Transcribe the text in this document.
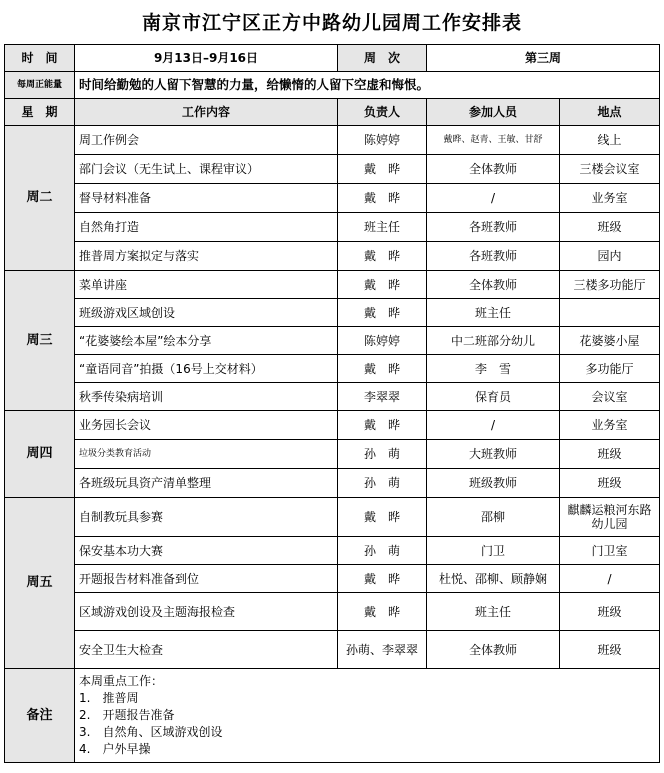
南京市江宁区正方中路幼儿园周工作安排表
时　间	9月13日–9月16日	周　次	第三周	
每周正能量	时间给勤勉的人留下智慧的力量，给懒惰的人留下空虚和悔恨。			
星　期	工作内容	负责人	参加人员	地点
周二	周工作例会	陈婷婷	戴晔、赵青、王敏、甘舒	线上
	部门会议（无生试上、课程审议）	戴　晔	全体教师	三楼会议室
	督导材料准备	戴　晔	/	业务室
	自然角打造	班主任	各班教师	班级
	推普周方案拟定与落实	戴　晔	各班教师	园内
周三	菜单讲座	戴　晔	全体教师	三楼多功能厅
	班级游戏区域创设	戴　晔	班主任	
	“花婆婆绘本屋”绘本分享	陈婷婷	中二班部分幼儿	花婆婆小屋
	“童语同音”拍摄（16号上交材料）	戴　晔	李　雪	多功能厅
	秋季传染病培训	李翠翠	保育员	会议室
周四	业务园长会议	戴　晔	/	业务室
	垃圾分类教育活动	孙　萌	大班教师	班级
	各班级玩具资产清单整理	孙　萌	班级教师	班级
周五	自制教玩具参赛	戴　晔	邵柳	麒麟运粮河东路幼儿园
	保安基本功大赛	孙　萌	门卫	门卫室
	开题报告材料准备到位	戴　晔	杜悦、邵柳、顾静娴	/
	区域游戏创设及主题海报检查	戴　晔	班主任	班级
	安全卫生大检查	孙萌、李翠翠	全体教师	班级
备注	本周重点工作：
1.　推普周
2.　开题报告准备
3.　自然角、区域游戏创设
4.　户外早操			
